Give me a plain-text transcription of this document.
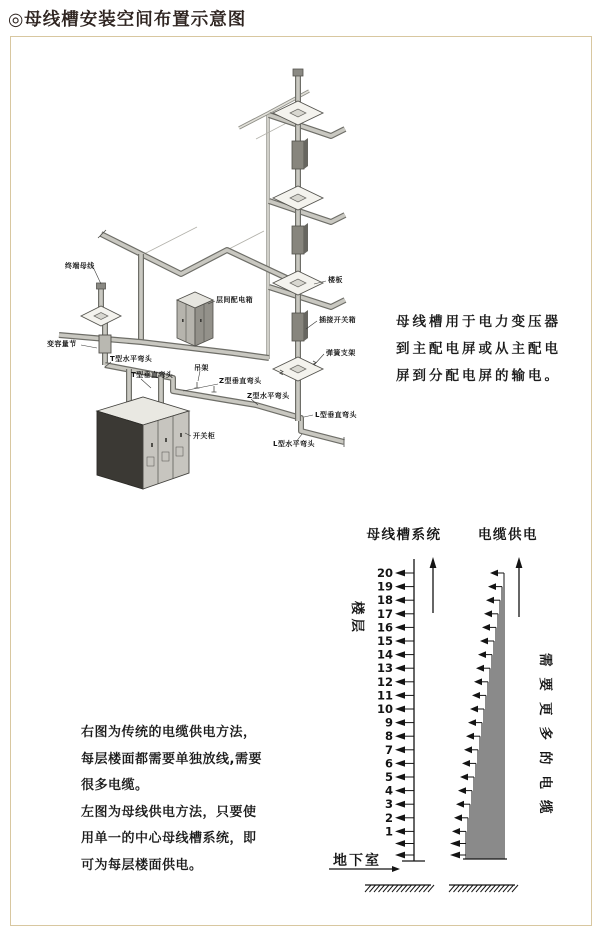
◎母线槽安装空间布置示意图
终端母线
变容量节
T型水平弯头
T型垂直弯头
层间配电箱
楼板
插接开关箱
弹簧支架
吊架
Z型垂直弯头
Z型水平弯头
L型垂直弯头
L型水平弯头
开关柜
母线槽用于电力变压器
到主配电屏或从主配电
屏到分配电屏的输电。
母线槽系统	电缆供电
楼层
需要更多的电缆
地下室
20
19
18
17
16
15
14
13
12
11
10
9
8
7
6
5
4
3
2
1
右图为传统的电缆供电方法，
每层楼面都需要单独放线,需要
很多电缆。
左图为母线供电方法，只要使
用单一的中心母线槽系统，即
可为每层楼面供电。
